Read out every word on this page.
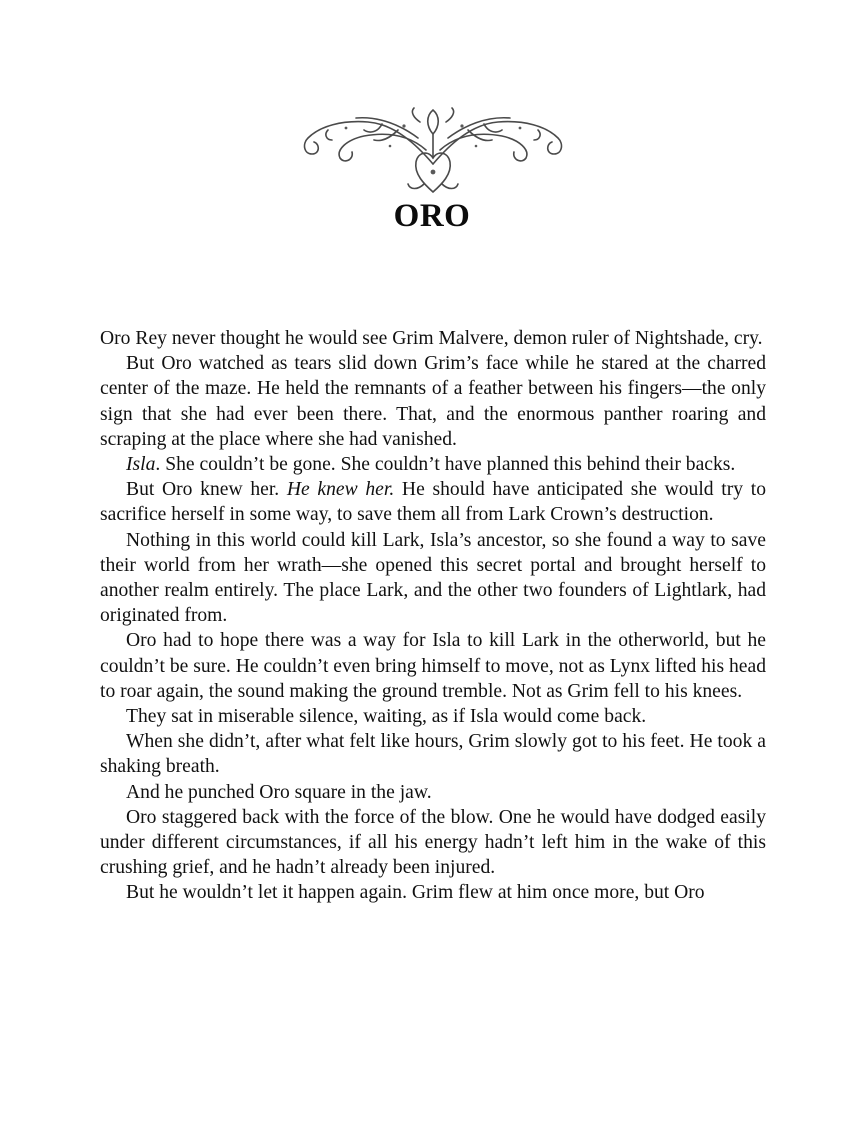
ORO

Oro Rey never thought he would see Grim Malvere, demon ruler of Nightshade, cry.

But Oro watched as tears slid down Grim’s face while he stared at the charred center of the maze. He held the remnants of a feather between his fingers—the only sign that she had ever been there. That, and the enormous panther roaring and scraping at the place where she had vanished.

Isla. She couldn’t be gone. She couldn’t have planned this behind their backs.

But Oro knew her. He knew her. He should have anticipated she would try to sacrifice herself in some way, to save them all from Lark Crown’s destruction.

Nothing in this world could kill Lark, Isla’s ancestor, so she found a way to save their world from her wrath—she opened this secret portal and brought herself to another realm entirely. The place Lark, and the other two founders of Lightlark, had originated from.

Oro had to hope there was a way for Isla to kill Lark in the otherworld, but he couldn’t be sure. He couldn’t even bring himself to move, not as Lynx lifted his head to roar again, the sound making the ground tremble. Not as Grim fell to his knees.

They sat in miserable silence, waiting, as if Isla would come back.

When she didn’t, after what felt like hours, Grim slowly got to his feet. He took a shaking breath.

And he punched Oro square in the jaw.

Oro staggered back with the force of the blow. One he would have dodged easily under different circumstances, if all his energy hadn’t left him in the wake of this crushing grief, and he hadn’t already been injured.

But he wouldn’t let it happen again. Grim flew at him once more, but Oro
